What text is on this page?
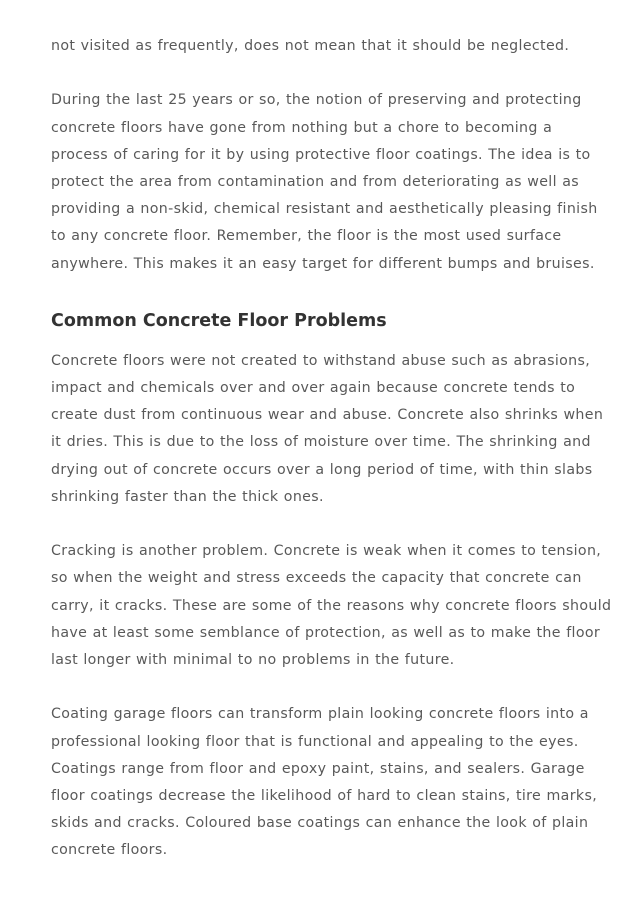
not visited as frequently, does not mean that it should be neglected.

During the last 25 years or so, the notion of preserving and protecting
concrete floors have gone from nothing but a chore to becoming a
process of caring for it by using protective floor coatings. The idea is to
protect the area from contamination and from deteriorating as well as
providing a non-skid, chemical resistant and aesthetically pleasing finish
to any concrete floor. Remember, the floor is the most used surface
anywhere. This makes it an easy target for different bumps and bruises.

Common Concrete Floor Problems

Concrete floors were not created to withstand abuse such as abrasions,
impact and chemicals over and over again because concrete tends to
create dust from continuous wear and abuse. Concrete also shrinks when
it dries. This is due to the loss of moisture over time. The shrinking and
drying out of concrete occurs over a long period of time, with thin slabs
shrinking faster than the thick ones.

Cracking is another problem. Concrete is weak when it comes to tension,
so when the weight and stress exceeds the capacity that concrete can
carry, it cracks. These are some of the reasons why concrete floors should
have at least some semblance of protection, as well as to make the floor
last longer with minimal to no problems in the future.

Coating garage floors can transform plain looking concrete floors into a
professional looking floor that is functional and appealing to the eyes.
Coatings range from floor and epoxy paint, stains, and sealers. Garage
floor coatings decrease the likelihood of hard to clean stains, tire marks,
skids and cracks. Coloured base coatings can enhance the look of plain
concrete floors.
